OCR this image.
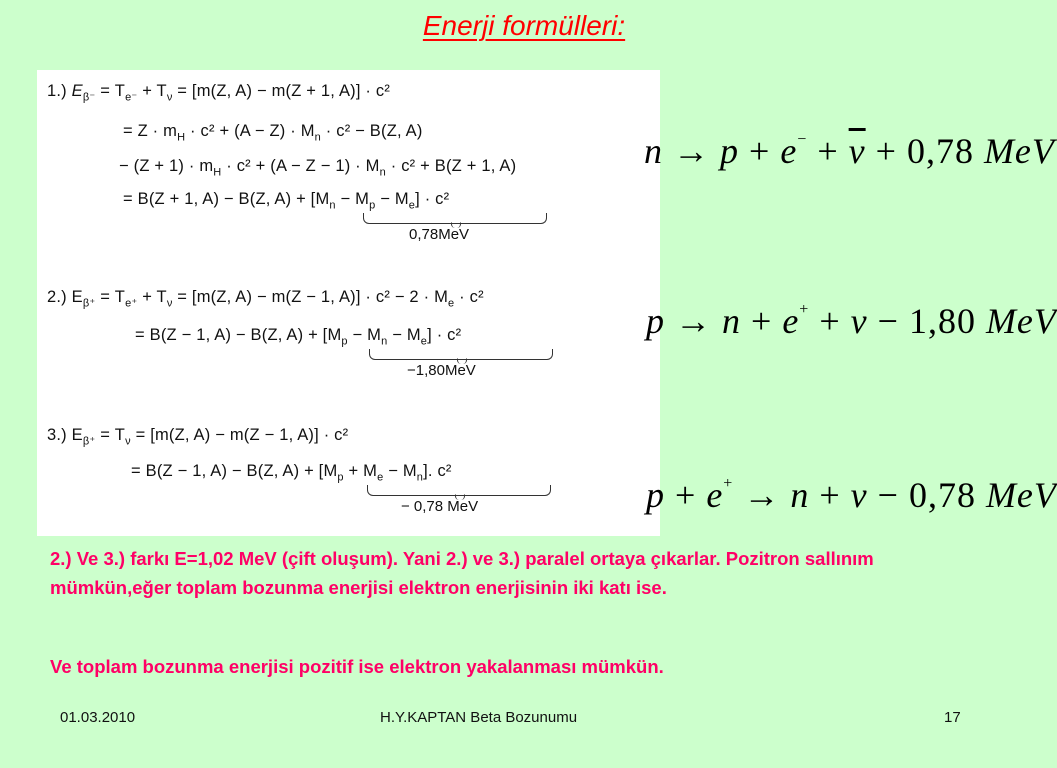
Enerji formülleri:
1.) $E_{\beta^-} = T_{e^-} + T_\nu = [m(Z$, A) − m(Z + 1, A)] · c²
= $Z \cdot m_H \cdot c^2 + (A - Z) \cdot M_n \cdot c^2 - B(Z$, A)
− $(Z + 1) \cdot m_H \cdot c^2 + (A - Z - 1) \cdot M_n \cdot c^2 + B(Z + 1$, A)
= B(Z + 1, A) − B(Z, $A) + [M_n - M_p - M_e] \cdot c^2$
0,78MeV
2.) $E_{\beta^+} = T_{e^+} + T_\nu = [m(Z$, A) − m(Z − 1, $A)] \cdot c^2 - 2 \cdot M_e \cdot c^2$
= B(Z − 1, A) − B(Z, $A) + [M_p - M_n - M_e] \cdot c^2$
−1,80MeV
3.) $E_{\beta^+} = T_\nu = [m(Z$, A) − m(Z − 1, A)] · c²
= B(Z − 1, A) − B(Z, $A) + [M_p + M_e - M_n]$. c²
− 0,78 MeV
$n \to p + e^- + \overline{\nu} + 0,78$ MeV
p → n + e+ + ν − 1,80 MeV
p + e+ → n + ν − 0,78 MeV
2.) Ve 3.) farkı E=1,02 MeV (çift oluşum). Yani 2.) ve 3.) paralel ortaya çıkarlar. Pozitron sallınım mümkün,eğer toplam bozunma enerjisi elektron enerjisinin iki katı ise.
Ve toplam bozunma enerjisi pozitif ise elektron yakalanması mümkün.
01.03.2010	H.Y.KAPTAN Beta Bozunumu	17
